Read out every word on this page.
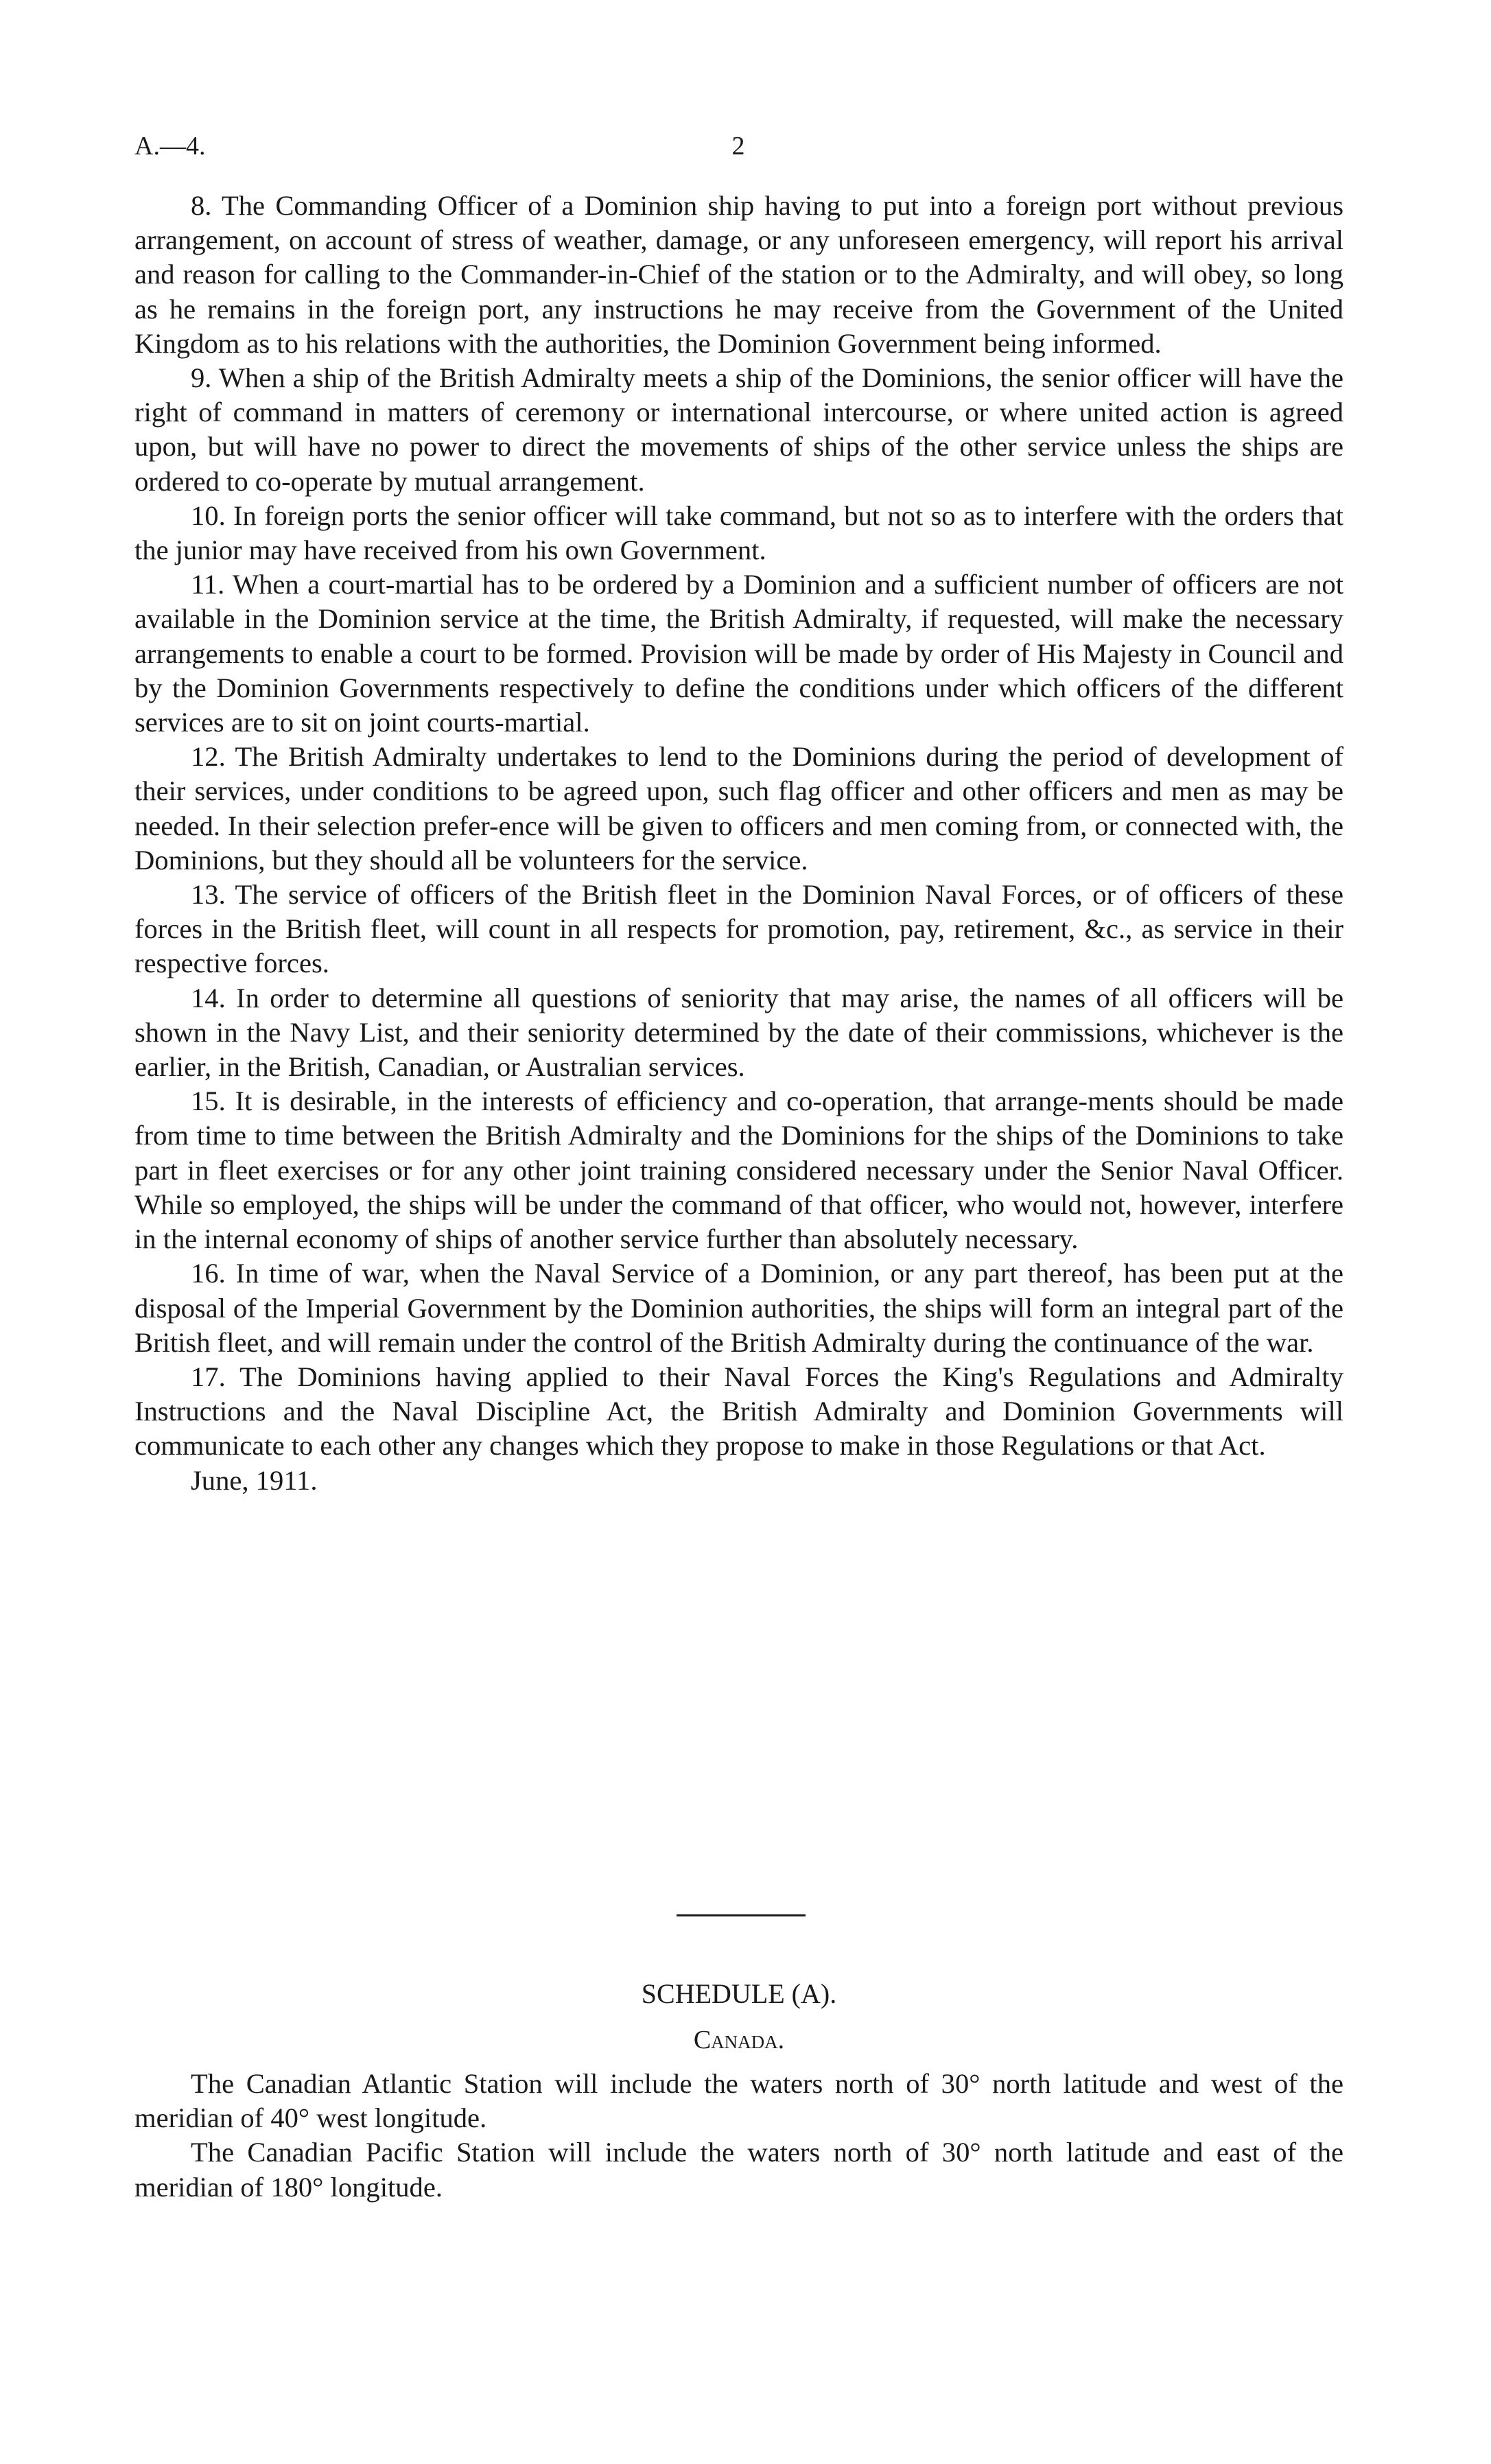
A.—4.	2

8. The Commanding Officer of a Dominion ship having to put into a foreign port without previous arrangement, on account of stress of weather, damage, or any unforeseen emergency, will report his arrival and reason for calling to the Commander-in-Chief of the station or to the Admiralty, and will obey, so long as he remains in the foreign port, any instructions he may receive from the Government of the United Kingdom as to his relations with the authorities, the Dominion Government being informed.

9. When a ship of the British Admiralty meets a ship of the Dominions, the senior officer will have the right of command in matters of ceremony or international intercourse, or where united action is agreed upon, but will have no power to direct the movements of ships of the other service unless the ships are ordered to co-operate by mutual arrangement.

10. In foreign ports the senior officer will take command, but not so as to interfere with the orders that the junior may have received from his own Government.

11. When a court-martial has to be ordered by a Dominion and a sufficient number of officers are not available in the Dominion service at the time, the British Admiralty, if requested, will make the necessary arrangements to enable a court to be formed. Provision will be made by order of His Majesty in Council and by the Dominion Governments respectively to define the conditions under which officers of the different services are to sit on joint courts-martial.

12. The British Admiralty undertakes to lend to the Dominions during the period of development of their services, under conditions to be agreed upon, such flag officer and other officers and men as may be needed. In their selection prefer-ence will be given to officers and men coming from, or connected with, the Dominions, but they should all be volunteers for the service.

13. The service of officers of the British fleet in the Dominion Naval Forces, or of officers of these forces in the British fleet, will count in all respects for promotion, pay, retirement, &c., as service in their respective forces.

14. In order to determine all questions of seniority that may arise, the names of all officers will be shown in the Navy List, and their seniority determined by the date of their commissions, whichever is the earlier, in the British, Canadian, or Australian services.

15. It is desirable, in the interests of efficiency and co-operation, that arrange-ments should be made from time to time between the British Admiralty and the Dominions for the ships of the Dominions to take part in fleet exercises or for any other joint training considered necessary under the Senior Naval Officer. While so employed, the ships will be under the command of that officer, who would not, however, interfere in the internal economy of ships of another service further than absolutely necessary.

16. In time of war, when the Naval Service of a Dominion, or any part thereof, has been put at the disposal of the Imperial Government by the Dominion authorities, the ships will form an integral part of the British fleet, and will remain under the control of the British Admiralty during the continuance of the war.

17. The Dominions having applied to their Naval Forces the King's Regulations and Admiralty Instructions and the Naval Discipline Act, the British Admiralty and Dominion Governments will communicate to each other any changes which they propose to make in those Regulations or that Act.

June, 1911.

SCHEDULE (A).
Canada.

The Canadian Atlantic Station will include the waters north of 30° north latitude and west of the meridian of 40° west longitude.

The Canadian Pacific Station will include the waters north of 30° north latitude and east of the meridian of 180° longitude.
